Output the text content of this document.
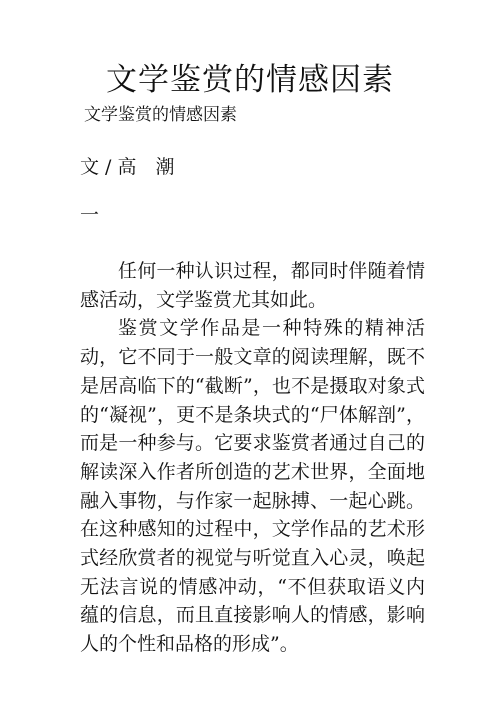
文学鉴赏的情感因素
文学鉴赏的情感因素
文 / 高　潮
一

任何一种认识过程，都同时伴随着情感活动，文学鉴赏尤其如此。

鉴赏文学作品是一种特殊的精神活动，它不同于一般文章的阅读理解，既不是居高临下的“截断”，也不是摄取对象式的“凝视”，更不是条块式的“尸体解剖”，而是一种参与。它要求鉴赏者通过自己的解读深入作者所创造的艺术世界，全面地融入事物，与作家一起脉搏、一起心跳。在这种感知的过程中，文学作品的艺术形式经欣赏者的视觉与听觉直入心灵，唤起无法言说的情感冲动，“不但获取语义内蕴的信息，而且直接影响人的情感，影响人的个性和品格的形成”。
